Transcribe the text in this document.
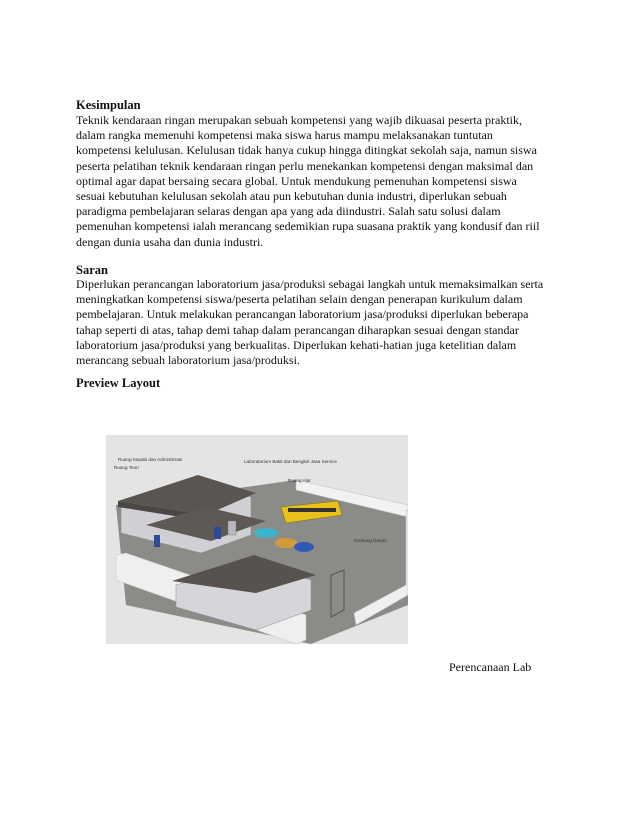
Kesimpulan
Teknik kendaraan ringan merupakan sebuah kompetensi yang wajib dikuasai peserta praktik,
dalam rangka memenuhi kompetensi maka siswa harus mampu melaksanakan tuntutan
kompetensi kelulusan. Kelulusan tidak hanya cukup hingga ditingkat sekolah saja, namun siswa
peserta pelatihan teknik kendaraan ringan perlu menekankan kompetensi dengan maksimal dan
optimal agar dapat bersaing secara global. Untuk mendukung pemenuhan kompetensi siswa
sesuai kebutuhan kelulusan sekolah atau pun kebutuhan dunia industri, diperlukan sebuah
paradigma pembelajaran selaras dengan apa yang ada diindustri. Salah satu solusi dalam
pemenuhan kompetensi ialah merancang sedemikian rupa suasana praktik yang kondusif dan riil
dengan dunia usaha dan dunia industri.
Saran
Diperlukan perancangan laboratorium jasa/produksi sebagai langkah untuk memaksimalkan serta
meningkatkan kompetensi siswa/peserta pelatihan selain dengan penerapan kurikulum dalam
pembelajaran. Untuk melakukan perancangan laboratorium jasa/produksi diperlukan beberapa
tahap seperti di atas, tahap demi tahap dalam perancangan diharapkan sesuai dengan standar
laboratorium jasa/produksi yang berkualitas. Diperlukan kehati-hatian juga ketelitian dalam
merancang sebuah laboratorium jasa/produksi.
Preview Layout
Ruang Kepala dan Administrasi
Ruang Teori
Laboratorium Bakti dan Bengkel Jasa Service
Ruang Alat
Gerbang Depan
Perencanaan Lab
